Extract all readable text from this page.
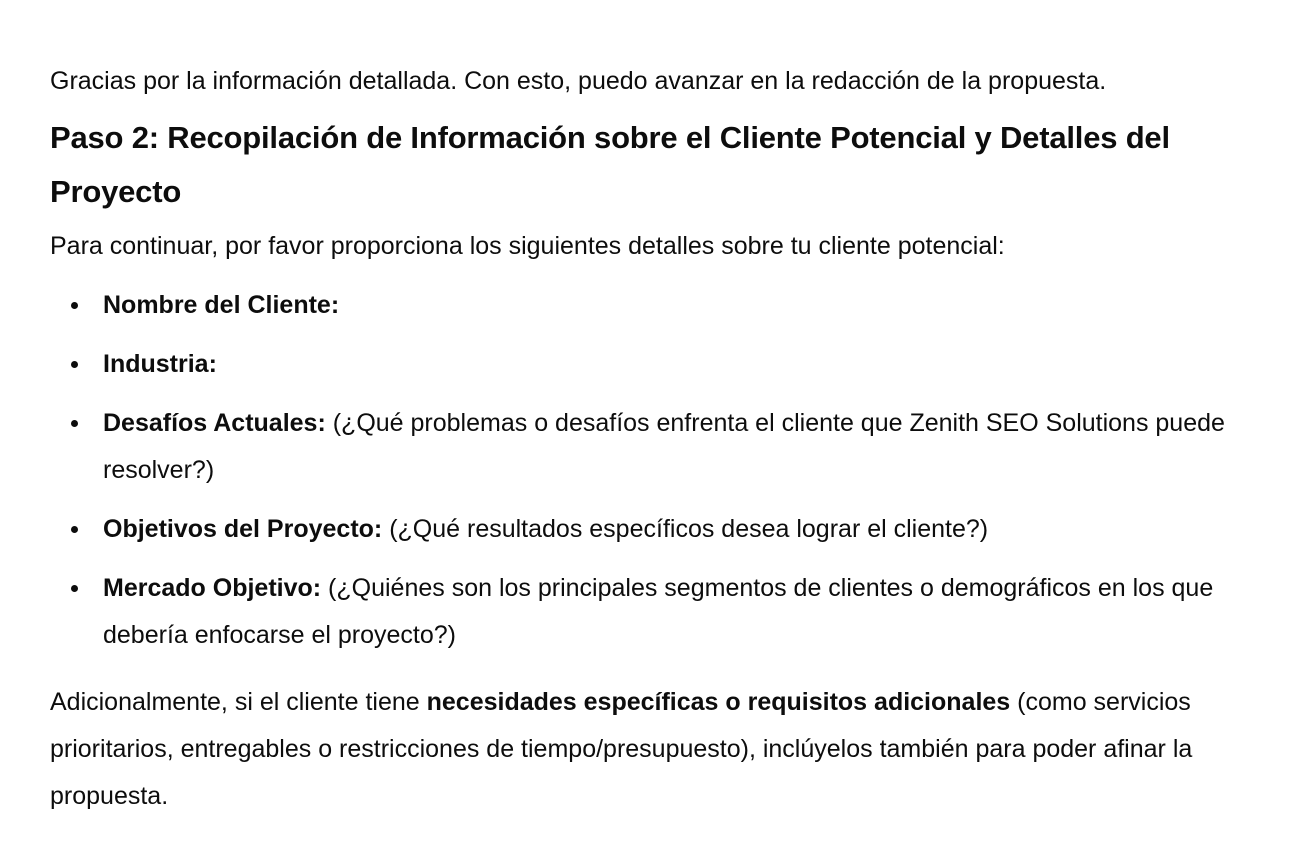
Gracias por la información detallada. Con esto, puedo avanzar en la redacción de la propuesta.

Paso 2: Recopilación de Información sobre el Cliente Potencial y Detalles del Proyecto

Para continuar, por favor proporciona los siguientes detalles sobre tu cliente potencial:

Nombre del Cliente:
Industria:
Desafíos Actuales: (¿Qué problemas o desafíos enfrenta el cliente que Zenith SEO Solutions puede resolver?)
Objetivos del Proyecto: (¿Qué resultados específicos desea lograr el cliente?)
Mercado Objetivo: (¿Quiénes son los principales segmentos de clientes o demográficos en los que debería enfocarse el proyecto?)

Adicionalmente, si el cliente tiene necesidades específicas o requisitos adicionales (como servicios prioritarios, entregables o restricciones de tiempo/presupuesto), inclúyelos también para poder afinar la propuesta.
